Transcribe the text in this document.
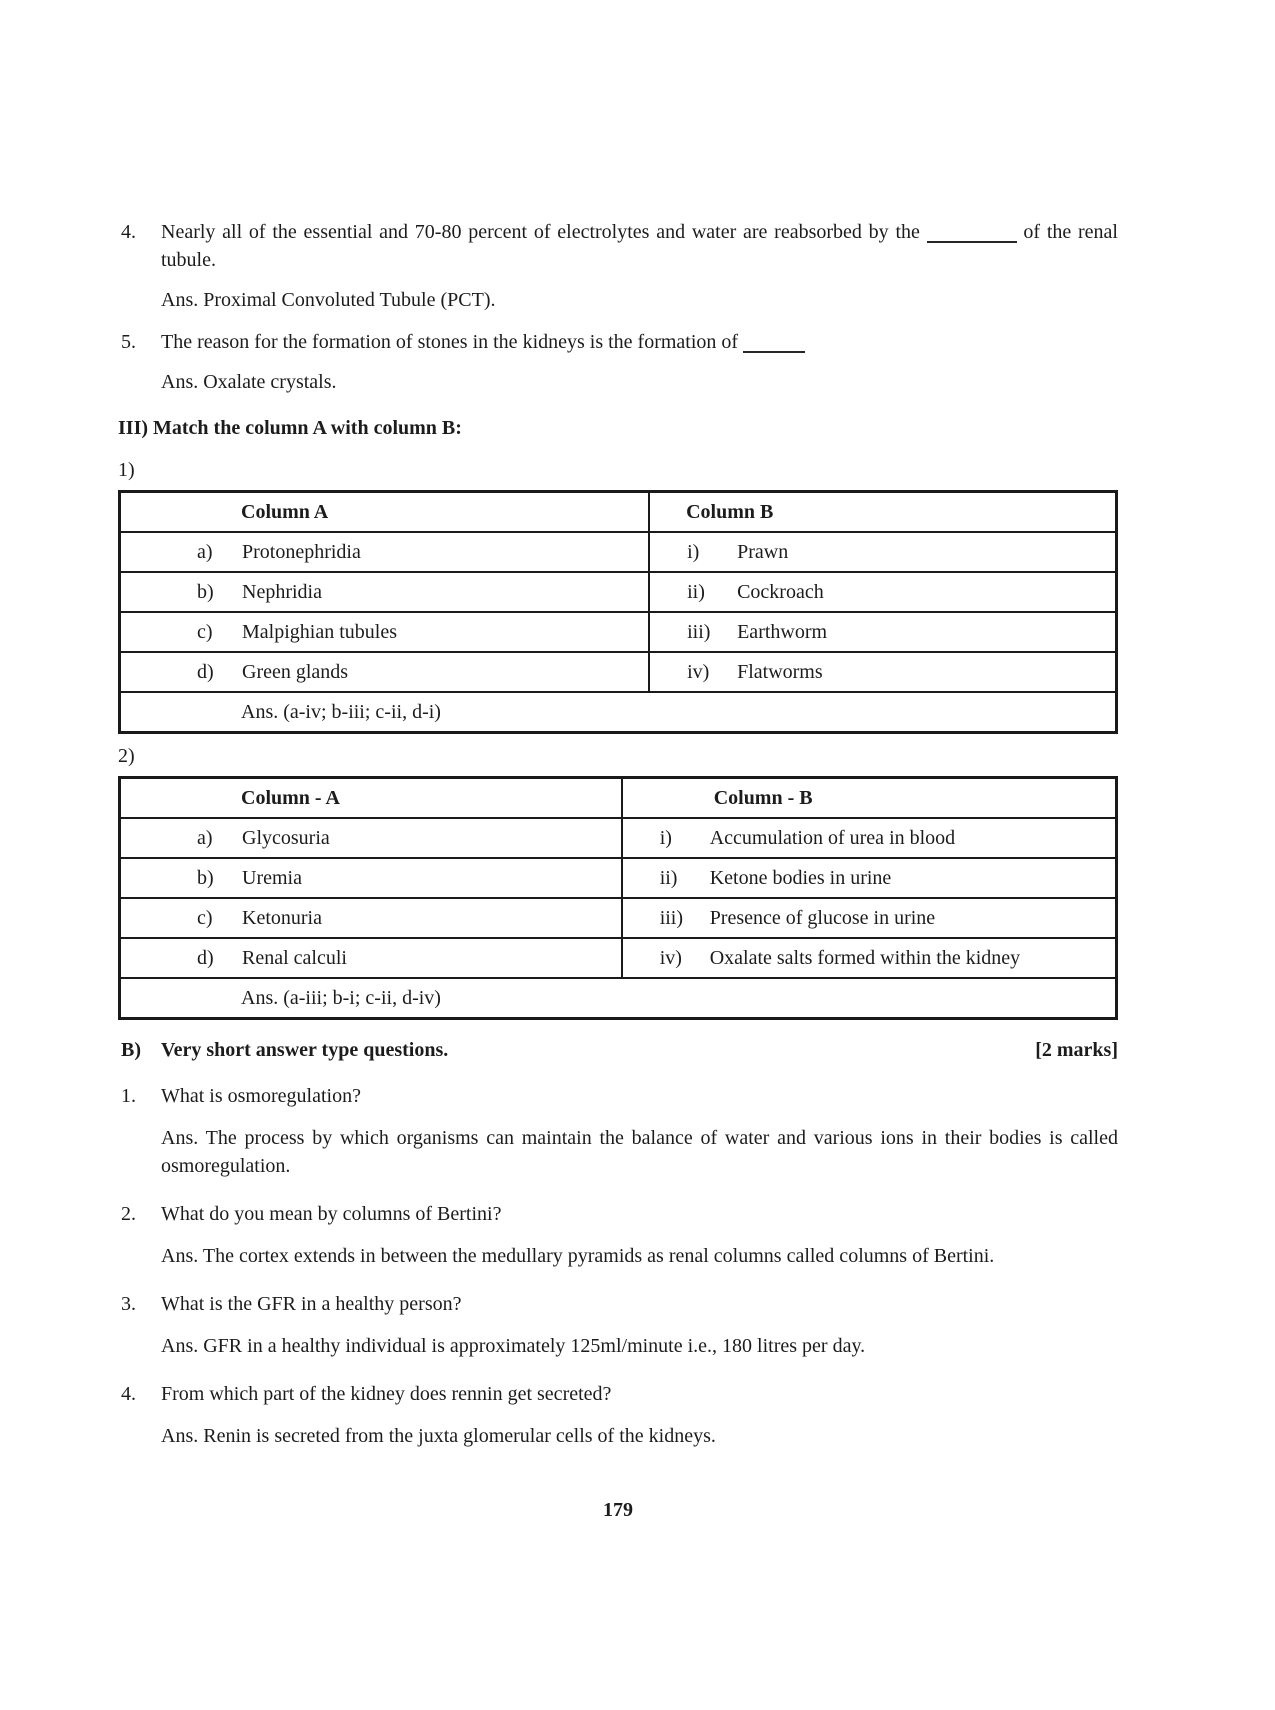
4.	Nearly all of the essential and 70-80 percent of electrolytes and water are reabsorbed by the	of the renal tubule.
Ans. Proximal Convoluted Tubule (PCT).
5.	The reason for the formation of stones in the kidneys is the formation of
Ans. Oxalate crystals.
III) Match the column A with column B:
1)
Column A	Column B

a) Protonephridia	i) Prawn

b) Nephridia	ii) Cockroach

c) Malpighian tubules	iii) Earthworm

d) Green glands	iv) Flatworms

Ans. (a-iv; b-iii; c-ii, d-i)	
2)
Column - A	Column - B

a) Glycosuria	i) Accumulation of urea in blood

b) Uremia	ii) Ketone bodies in urine

c) Ketonuria	iii) Presence of glucose in urine

d) Renal calculi	iv) Oxalate salts formed within the kidney

Ans. (a-iii; b-i; c-ii, d-iv)	
B)	Very short answer type questions.	[2 marks]
1.	What is osmoregulation?
Ans. The process by which organisms can maintain the balance of water and various ions in their bodies is called osmoregulation.
2.	What do you mean by columns of Bertini?
Ans. The cortex extends in between the medullary pyramids as renal columns called columns of Bertini.
3.	What is the GFR in a healthy person?
Ans. GFR in a healthy individual is approximately 125ml/minute i.e., 180 litres per day.
4.	From which part of the kidney does rennin get secreted?
Ans. Renin is secreted from the juxta glomerular cells of the kidneys.
179
